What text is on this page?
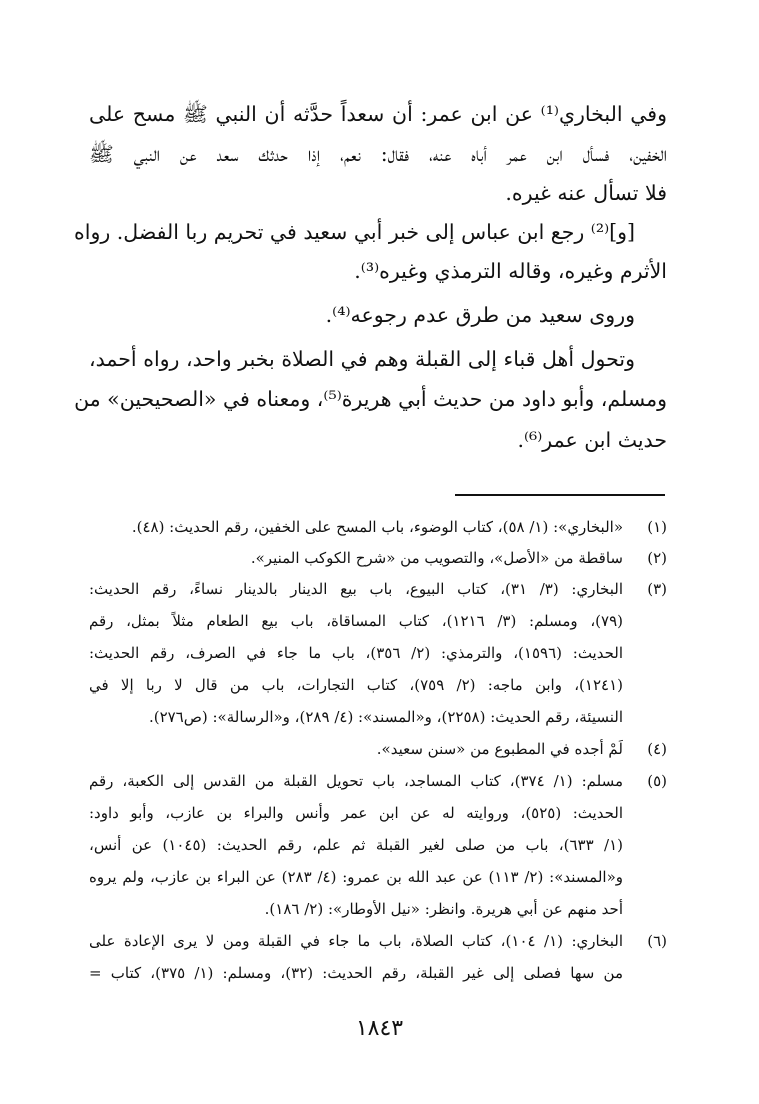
وفي البخاري⁽¹⁾ عن ابن عمر: أن سعداً حدَّثه أن النبي ﷺ مسح على
الخفين، فسأل ابن عمر أباه عنه، فقال: نعم، إذا حدثك سعد عن النبي ﷺ
فلا تسأل عنه غيره.
[و]⁽²⁾ رجع ابن عباس إلى خبر أبي سعيد في تحريم ربا الفضل. رواه
الأثرم وغيره، وقاله الترمذي وغيره⁽³⁾.
وروى سعيد من طرق عدم رجوعه⁽⁴⁾.
وتحول أهل قباء إلى القبلة وهم في الصلاة بخبر واحد، رواه أحمد،
ومسلم، وأبو داود من حديث أبي هريرة⁽⁵⁾، ومعناه في «الصحيحين» من
حديث ابن عمر⁽⁶⁾.
(١)
«البخاري»: (١/ ٥٨)، كتاب الوضوء، باب المسح على الخفين، رقم الحديث: (٤٨).
(٢)
ساقطة من «الأصل»، والتصويب من «شرح الكوكب المنير».
(٣)
البخاري: (٣/ ٣١)، كتاب البيوع، باب بيع الدينار بالدينار نساءً، رقم الحديث:
(٧٩)، ومسلم: (٣/ ١٢١٦)، كتاب المساقاة، باب بيع الطعام مثلاً بمثل، رقم
الحديث: (١٥٩٦)، والترمذي: (٢/ ٣٥٦)، باب ما جاء في الصرف، رقم الحديث:
(١٢٤١)، وابن ماجه: (٢/ ٧٥٩)، كتاب التجارات، باب من قال لا ربا إلا في
النسيئة، رقم الحديث: (٢٢٥٨)، و«المسند»: (٤/ ٢٨٩)، و«الرسالة»: (ص٢٧٦).
(٤)
لَمْ أجده في المطبوع من «سنن سعيد».
(٥)
مسلم: (١/ ٣٧٤)، كتاب المساجد، باب تحويل القبلة من القدس إلى الكعبة، رقم
الحديث: (٥٢٥)، وروايته له عن ابن عمر وأنس والبراء بن عازب، وأبو داود:
(١/ ٦٣٣)، باب من صلى لغير القبلة ثم علم، رقم الحديث: (١٠٤٥) عن أنس،
و«المسند»: (٢/ ١١٣) عن عبد الله بن عمرو: (٤/ ٢٨٣) عن البراء بن عازب، ولم يروه
أحد منهم عن أبي هريرة. وانظر: «نيل الأوطار»: (٢/ ١٨٦).
(٦)
البخاري: (١/ ١٠٤)، كتاب الصلاة، باب ما جاء في القبلة ومن لا يرى الإعادة على
من سها فصلى إلى غير القبلة، رقم الحديث: (٣٢)، ومسلم: (١/ ٣٧٥)، كتاب =
١٨٤٣
